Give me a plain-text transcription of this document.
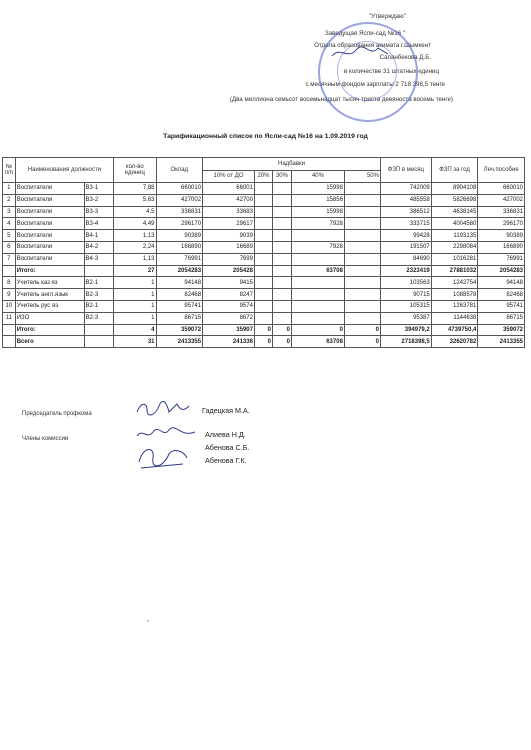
"Утверждаю"
Заведущая Ясли-сад №16 "
Отдела образования акимата г.Шымкент
Сапанбекова Д.Б.
в количестве 31 штатных единиц
с месячным фондом зарплаты 2 718 398,5 тенге
(Два миллиона семьсот восемьнадцат тысяч триста девяноста восемь тенге)
Тарификационный список по Ясли-сад №16 на 1.09.2019 год
№ п/п	Наименования должности		кол-во единиц	Оклад	Надбавки					ФЗП в месяц	ФЗП за год	Леч.пособие
					10% от ДО	20%	30%	40%	50%			
1	Воспитатели	В3-1	7,88	660010	66001			15998		742009	8904108	660010
2	Воспитатели	В3-2	5,63	427002	42700			15856		485558	5826698	427002
3	Воспитатели	В3-3	4,5	336831	33683			15998		386512	4638145	336831
4	Воспитатели	В3-4	4,49	296170	29617			7928		333715	4004580	296170
5	Воспитатели	В4-1	1,13	90389	9039					99428	1193135	90389
6	Воспитатели	В4-2	2,24	166890	16689			7928		191507	2298084	166890
7	Воспитатели	В4-3	1,13	76991	7699					84690	1016281	76991
	Итого:		27	2054283	205428			63708		2323419	27881032	2054283
8	Учитель каз яз	В2-1	1	94148	9415					103563	1242754	94148
9	Учитель англ.язык	В2-3	1	82468	8247					90715	1088578	82468
10	Учитель рус яз.	В2-1	1	95741	9574					105315	1263781	95741
11	ИЗО	В2-3	1	86715	8672					95387	1144638	86715
	Итого:		4	359072	35907	0	0	0	0	394979,2	4739750,4	359072
	Всего		31	2413355	241336	0	0	63708	0	2718398,5	32620782	2413355
Председатель профкома	Гадецкая М.А.
Члены комиссии	Алиева Н.Д.
Абенова С.Б.
Абенова Г.К.
